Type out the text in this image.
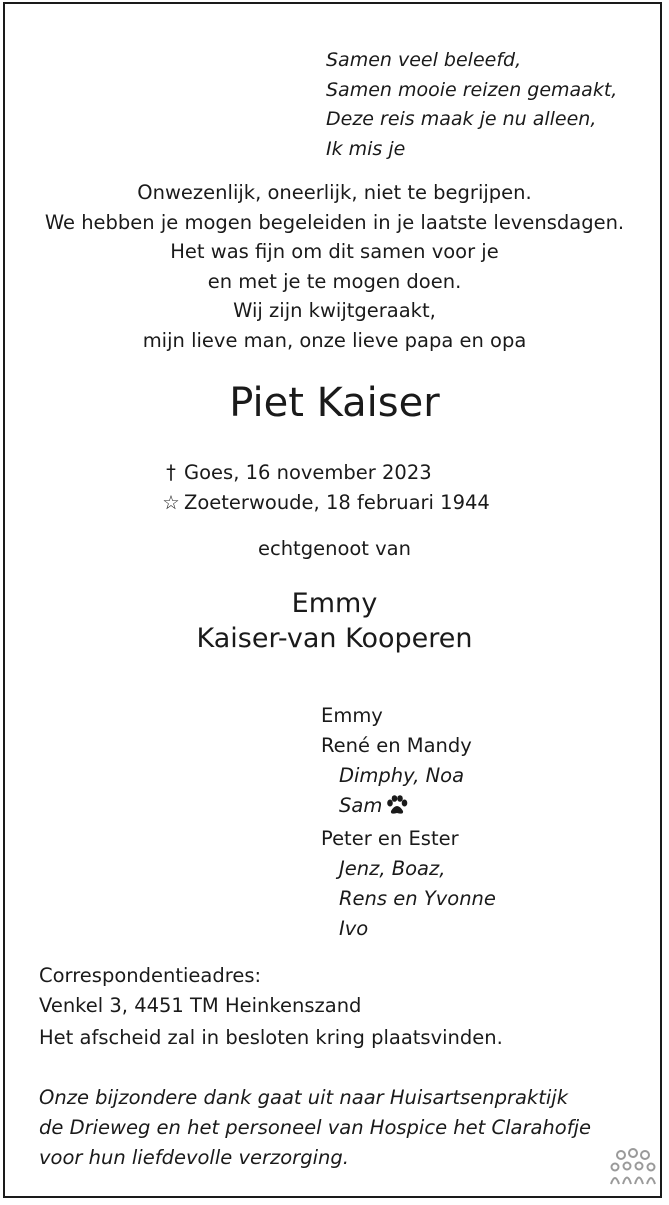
Samen veel beleefd,
Samen mooie reizen gemaakt,
Deze reis maak je nu alleen,
Ik mis je
Onwezenlijk, oneerlijk, niet te begrijpen.
We hebben je mogen begeleiden in je laatste levensdagen.
Het was fijn om dit samen voor je
en met je te mogen doen.
Wij zijn kwijtgeraakt,
mijn lieve man, onze lieve papa en opa
Piet Kaiser
† Goes, 16 november 2023
☆ Zoeterwoude, 18 februari 1944
echtgenoot van
Emmy
Kaiser-van Kooperen
Emmy
René en Mandy
Dimphy, Noa
Sam
Peter en Ester
Jenz, Boaz,
Rens en Yvonne
Ivo
Correspondentieadres:
Venkel 3, 4451 TM Heinkenszand
Het afscheid zal in besloten kring plaatsvinden.
Onze bijzondere dank gaat uit naar Huisartsenpraktijk
de Drieweg en het personeel van Hospice het Clarahofje
voor hun liefdevolle verzorging.
